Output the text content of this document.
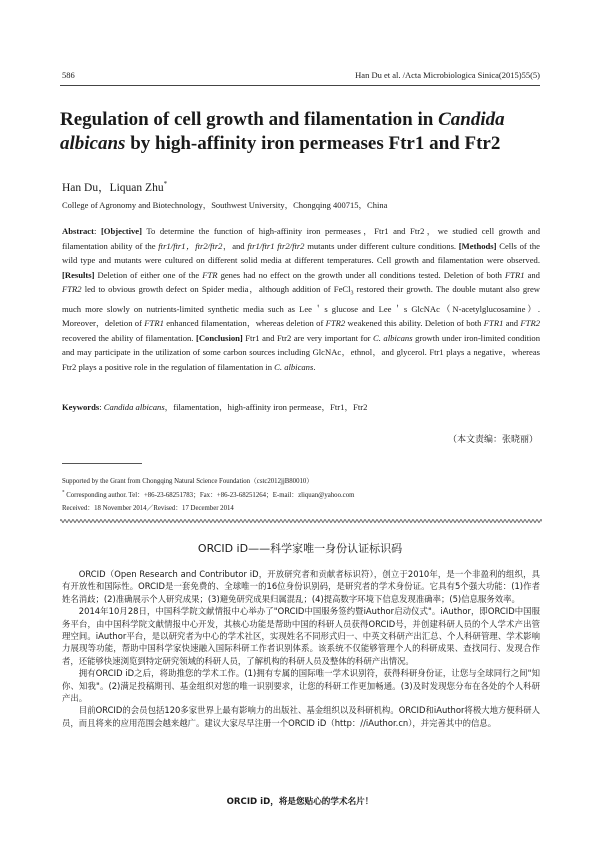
586	Han Du et al. /Acta Microbiologica Sinica(2015)55(5)
Regulation of cell growth and filamentation in Candida albicans by high-affinity iron permeases Ftr1 and Ftr2
Han Du，Liquan Zhu*
College of Agronomy and Biotechnology，Southwest University，Chongqing 400715，China
Abstract: [Objective] To determine the function of high-affinity iron permeases，Ftr1 and Ftr2，we studied cell growth and filamentation ability of the ftr1/ftr1，ftr2/ftr2，and ftr1/ftr1 ftr2/ftr2 mutants under different culture conditions. [Methods] Cells of the wild type and mutants were cultured on different solid media at different temperatures. Cell growth and filamentation were observed. [Results] Deletion of either one of the FTR genes had no effect on the growth under all conditions tested. Deletion of both FTR1 and FTR2 led to obvious growth defect on Spider media，although addition of FeCl$_3$ restored their growth. The double mutant also grew much more slowly on nutrients-limited synthetic media such as Lee＇s glucose and Lee＇s GlcNAc（N-acetylglucosamine）. Moreover，deletion of FTR1 enhanced filamentation，whereas deletion of FTR2 weakened this ability. Deletion of both FTR1 and FTR2 recovered the ability of filamentation. [Conclusion] Ftr1 and Ftr2 are very important for C. albicans growth under iron-limited condition and may participate in the utilization of some carbon sources including GlcNAc，ethnol，and glycerol. Ftr1 plays a negative，whereas Ftr2 plays a positive role in the regulation of filamentation in C. albicans.
Keywords: Candida albicans，filamentation，high-affinity iron permease，Ftr1，Ftr2
（本文责编：张晓丽）
Supported by the Grant from Chongqing Natural Science Foundation（cstc2012jjB80010）
* Corresponding author. Tel：+86-23-68251783；Fax：+86-23-68251264；E-mail：zliquan@yahoo.com
Received：18 November 2014／Revised：17 December 2014
ORCID iD——科学家唯一身份认证标识码

ORCID（Open Research and Contributor iD，开放研究者和贡献者标识符），创立于2010年，是一个非盈利的组织，具有开放性和国际性。ORCID是一套免费的、全球唯一的16位身份识别码，是研究者的学术身份证。它具有5个强大功能：(1)作者姓名消歧；(2)准确展示个人研究成果；(3)避免研究成果归属混乱；(4)提高数字环境下信息发现准确率；(5)信息服务效率。

2014年10月28日，中国科学院文献情报中心举办了"ORCID中国服务签约暨iAuthor启动仪式"。iAuthor，即ORCID中国服务平台，由中国科学院文献情报中心开发，其核心功能是帮助中国的科研人员获得ORCID号，并创建科研人员的个人学术产出管理空间。iAuthor平台，是以研究者为中心的学术社区，实现姓名不同形式归一、中英文科研产出汇总、个人科研管理、学术影响力展现等功能，帮助中国科学家快速融入国际科研工作者识别体系。该系统不仅能够管理个人的科研成果、查找同行、发现合作者，还能够快速浏览到特定研究领域的科研人员，了解机构的科研人员及整体的科研产出情况。

拥有ORCID iD之后，将助推您的学术工作。(1)拥有专属的国际唯一学术识别符，获得科研身份证，让您与全球同行之间"知你、知我"。(2)满足投稿期刊、基金组织对您的唯一识别要求，让您的科研工作更加畅通。(3)及时发现您分布在各处的个人科研产出。

目前ORCID的会员包括120多家世界上最有影响力的出版社、基金组织以及科研机构。ORCID和iAuthor将极大地方便科研人员，而且将来的应用范围会越来越广。建议大家尽早注册一个ORCID iD（http：//iAuthor.cn），并完善其中的信息。

ORCID iD，将是您贴心的学术名片！
